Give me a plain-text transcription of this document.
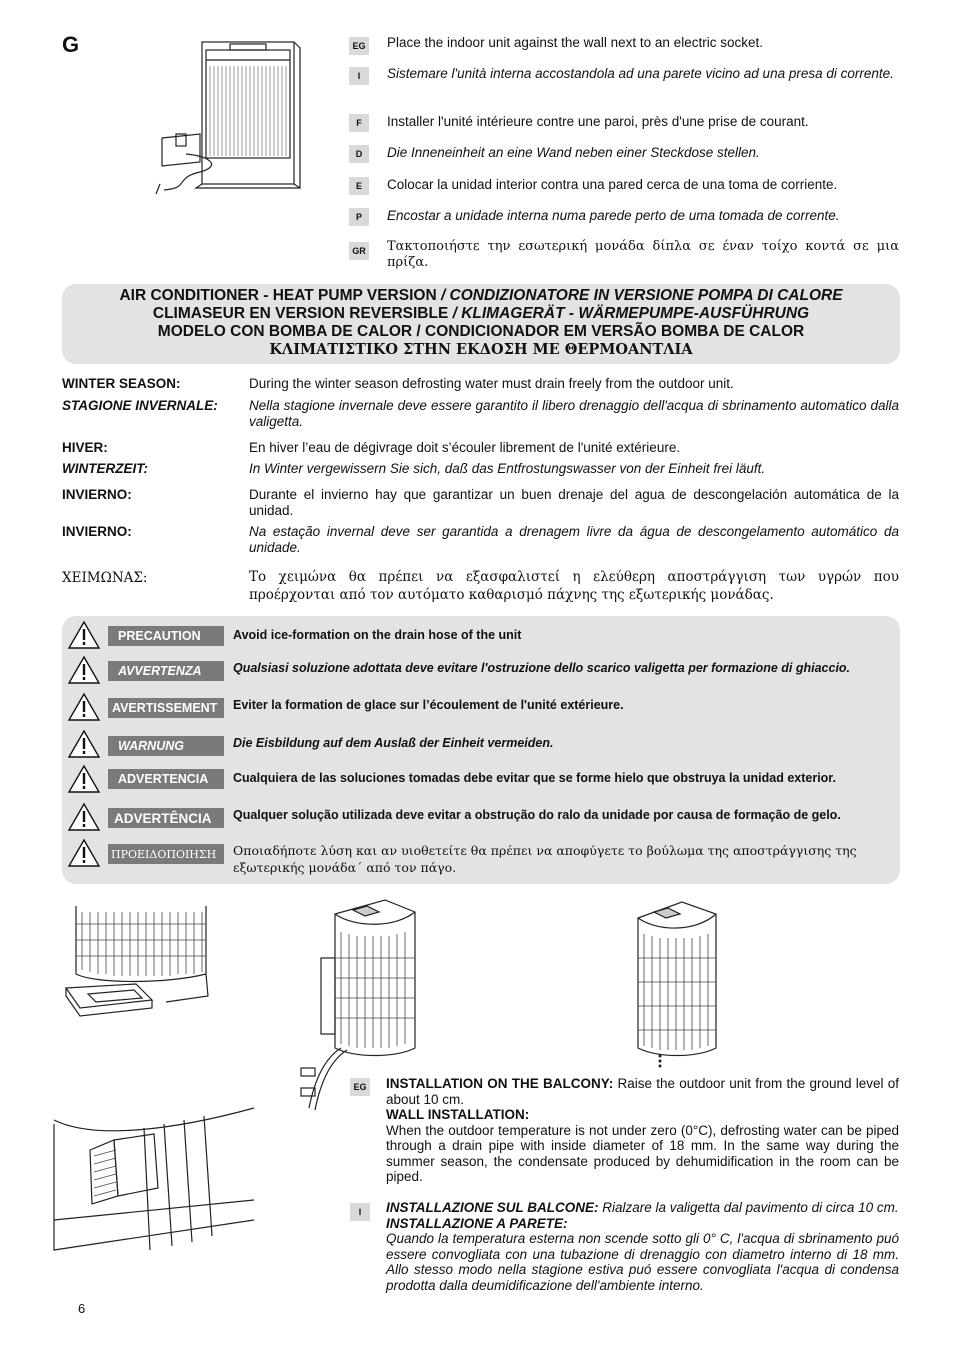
G	EG Place the indoor unit against the wall next to an electric socket.
I	Sistemare l'unità interna accostandola ad una parete vicino ad una presa di corrente.
F	Installer l'unité intérieure contre une paroi, près d'une prise de courant.
D	Die Inneneinheit an eine Wand neben einer Steckdose stellen.
E	Colocar la unidad interior contra una pared cerca de una toma de corriente.
P	Encostar a unidade interna numa parede perto de uma tomada de corrente.
GR Τακτοποιήστε την εσωτερική μονάδα δίπλα σε έναν τοίχο κοντά σε μια πρίζα.
AIR CONDITIONER - HEAT PUMP VERSION / CONDIZIONATORE IN VERSIONE POMPA DI CALORE
CLIMASEUR EN VERSION REVERSIBLE / KLIMAGERÄT - WÄRMEPUMPE-AUSFÜHRUNG
MODELO CON BOMBA DE CALOR / CONDICIONADOR EM VERSÃO BOMBA DE CALOR
ΚΛΙΜΑΤΙΣΤΙΚΟ ΣΤΗΝ ΕΚΔΟΣΗ ΜΕ ΘΕΡΜΟΑΝΤΛΙΑ
WINTER SEASON:	During the winter season defrosting water must drain freely from the outdoor unit.
STAGIONE INVERNALE: Nella stagione invernale deve essere garantito il libero drenaggio dell'acqua di sbrinamento automatico dalla valigetta.
HIVER:	En hiver l’eau de dégivrage doit s’écouler librement de l'unité extérieure.
WINTERZEIT:	In Winter vergewissern Sie sich, daß das Entfrostungswasser von der Einheit frei läuft.
INVIERNO:	Durante el invierno hay que garantizar un buen drenaje del agua de descongelación automática de la unidad.
INVIERNO:	Na estação invernal deve ser garantida a drenagem livre da água de descongelamento automático da unidade.
ΧΕΙΜΩΝΑΣ:	Το χειμώνα θα πρέπει να εξασφαλιστεί η ελεύθερη αποστράγγιση των υγρών που προέρχονται από τον αυτόματο καθαρισμό πάχνης της εξωτερικής μονάδας.
PRECAUTION	Avoid ice-formation on the drain hose of the unit
AVVERTENZA	Qualsiasi soluzione adottata deve evitare l'ostruzione dello scarico valigetta per formazione di ghiaccio.
AVERTISSEMENT	Eviter la formation de glace sur l’écoulement de l'unité extérieure.
WARNUNG	Die Eisbildung auf dem Auslaß der Einheit vermeiden.
ADVERTENCIA	Cualquiera de las soluciones tomadas debe evitar que se forme hielo que obstruya la unidad exterior.
ADVERTÊNCIA	Qualquer solução utilizada deve evitar a obstrução do ralo da unidade por causa de formação de gelo.
ΠΡΟΕΙΔΟΠΟΙΗΣΗ	Οποιαδήποτε λύση και αν υιοθετείτε θα πρέπει να αποφύγετε το βούλωμα της αποστράγγισης της εξωτερικής μονάδα΄ από τον πάγο.
EG INSTALLATION ON THE BALCONY: Raise the outdoor unit from the ground level of about 10 cm.
WALL INSTALLATION:
When the outdoor temperature is not under zero (0°C), defrosting water can be piped through a drain pipe with inside diameter of 18 mm. In the same way during the summer season, the condensate produced by dehumidification in the room can be piped.
I	INSTALLAZIONE SUL BALCONE: Rialzare la valigetta dal pavimento di circa 10 cm.
INSTALLAZIONE A PARETE:
Quando la temperatura esterna non scende sotto gli 0° C, l'acqua di sbrinamento puó essere convogliata con una tubazione di drenaggio con diametro interno di 18 mm. Allo stesso modo nella stagione estiva puó essere convogliata l'acqua di condensa prodotta dalla deumidificazione dell'ambiente interno.
6
